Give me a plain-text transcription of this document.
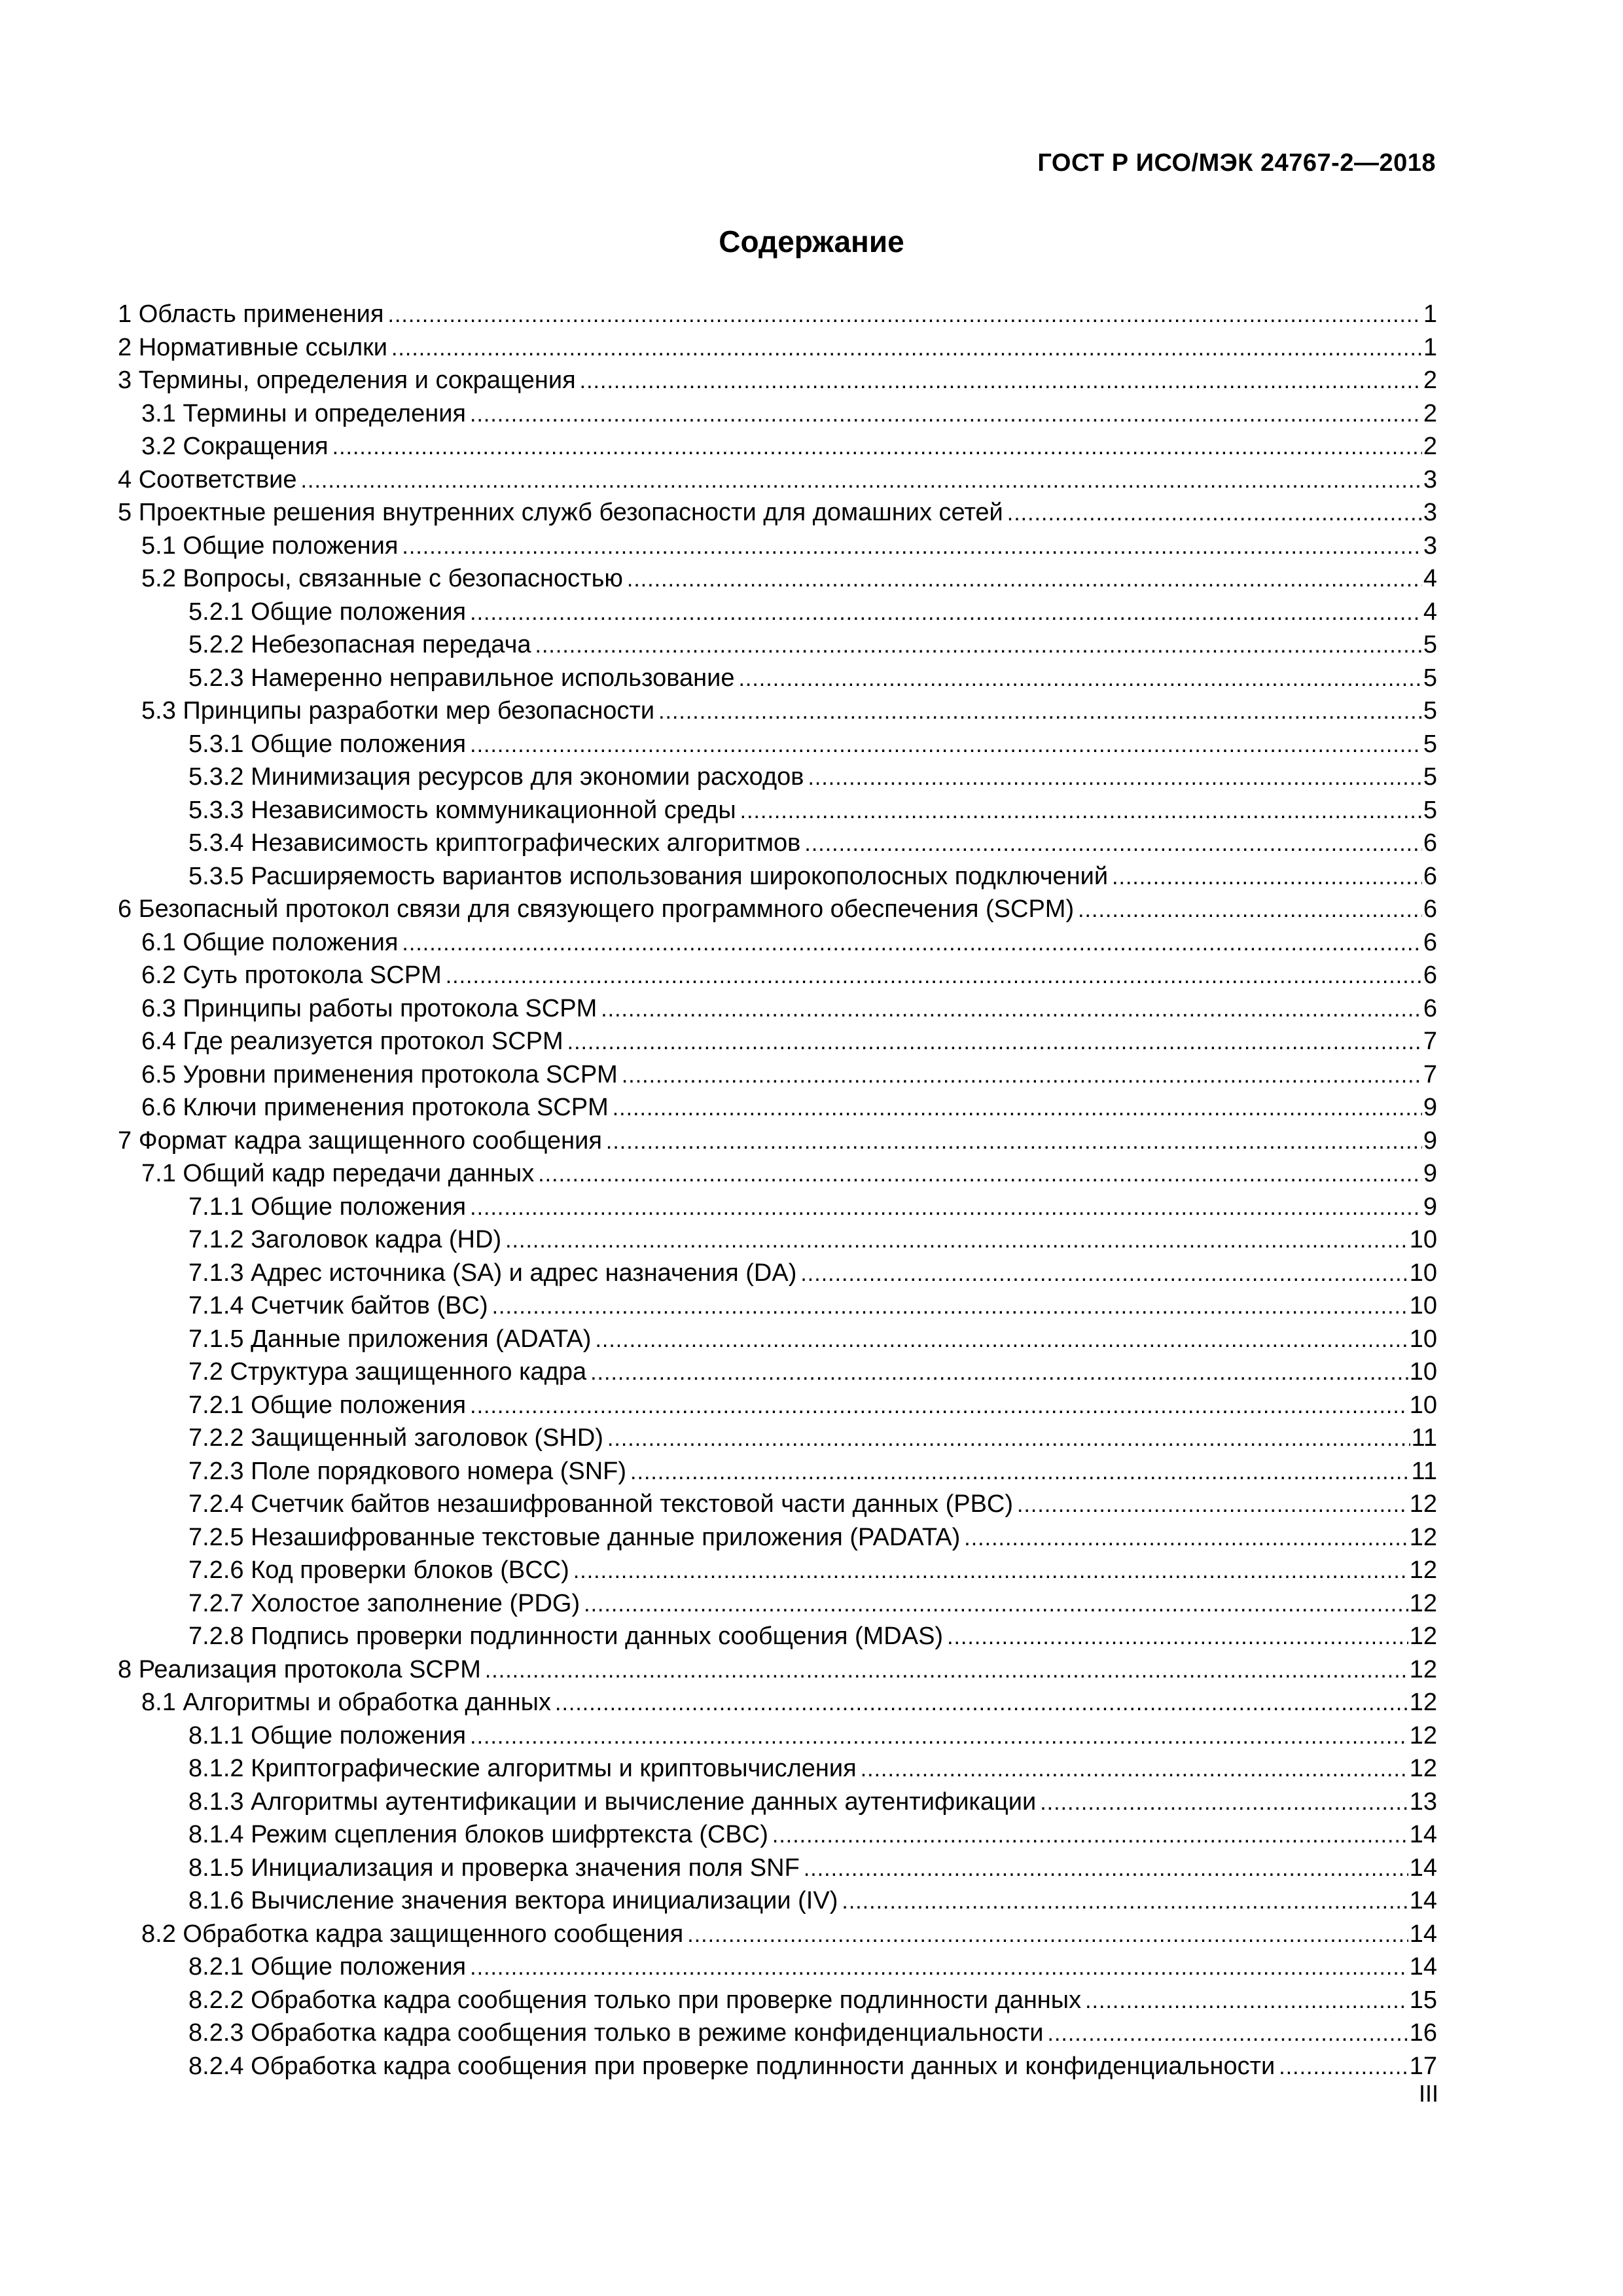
ГОСТ Р ИСО/МЭК 24767-2—2018
Содержание
1 Область применения .....	1
2 Нормативные ссылки .....	1
3 Термины, определения и сокращения .....	2
3.1 Термины и определения .....	2
3.2 Сокращения .....	2
4 Соответствие .....	3
5 Проектные решения внутренних служб безопасности для домашних сетей .....	3
5.1 Общие положения .....	3
5.2 Вопросы, связанные с безопасностью .....	4
5.2.1 Общие положения .....	4
5.2.2 Небезопасная передача .....	5
5.2.3 Намеренно неправильное использование .....	5
5.3 Принципы разработки мер безопасности .....	5
5.3.1 Общие положения .....	5
5.3.2 Минимизация ресурсов для экономии расходов .....	5
5.3.3 Независимость коммуникационной среды .....	5
5.3.4 Независимость криптографических алгоритмов .....	6
5.3.5 Расширяемость вариантов использования широкополосных подключений .....	6
6 Безопасный протокол связи для связующего программного обеспечения (SCPM) .....	6
6.1 Общие положения .....	6
6.2 Суть протокола SCPM .....	6
6.3 Принципы работы протокола SCPM .....	6
6.4 Где реализуется протокол SCPM .....	7
6.5 Уровни применения протокола SCPM .....	7
6.6 Ключи применения протокола SCPM .....	9
7 Формат кадра защищенного сообщения .....	9
7.1 Общий кадр передачи данных .....	9
7.1.1 Общие положения .....	9
7.1.2 Заголовок кадра (HD) .....	10
7.1.3 Адрес источника (SA) и адрес назначения (DA) .....	10
7.1.4 Счетчик байтов (BC) .....	10
7.1.5 Данные приложения (ADATA) .....	10
7.2 Структура защищенного кадра .....	10
7.2.1 Общие положения .....	10
7.2.2 Защищенный заголовок (SHD) .....	11
7.2.3 Поле порядкового номера (SNF) .....	11
7.2.4 Счетчик байтов незашифрованной текстовой части данных (PBC) .....	12
7.2.5 Незашифрованные текстовые данные приложения (PADATA) .....	12
7.2.6 Код проверки блоков (BCC) .....	12
7.2.7 Холостое заполнение (PDG) .....	12
7.2.8 Подпись проверки подлинности данных сообщения (MDAS) .....	12
8 Реализация протокола SCPM .....	12
8.1 Алгоритмы и обработка данных .....	12
8.1.1 Общие положения .....	12
8.1.2 Криптографические алгоритмы и криптовычисления .....	12
8.1.3 Алгоритмы аутентификации и вычисление данных аутентификации .....	13
8.1.4 Режим сцепления блоков шифртекста (CBC) .....	14
8.1.5 Инициализация и проверка значения поля SNF .....	14
8.1.6 Вычисление значения вектора инициализации (IV) .....	14
8.2 Обработка кадра защищенного сообщения .....	14
8.2.1 Общие положения .....	14
8.2.2 Обработка кадра сообщения только при проверке подлинности данных .....	15
8.2.3 Обработка кадра сообщения только в режиме конфиденциальности .....	16
8.2.4 Обработка кадра сообщения при проверке подлинности данных и конфиденциальности .....	17
III
